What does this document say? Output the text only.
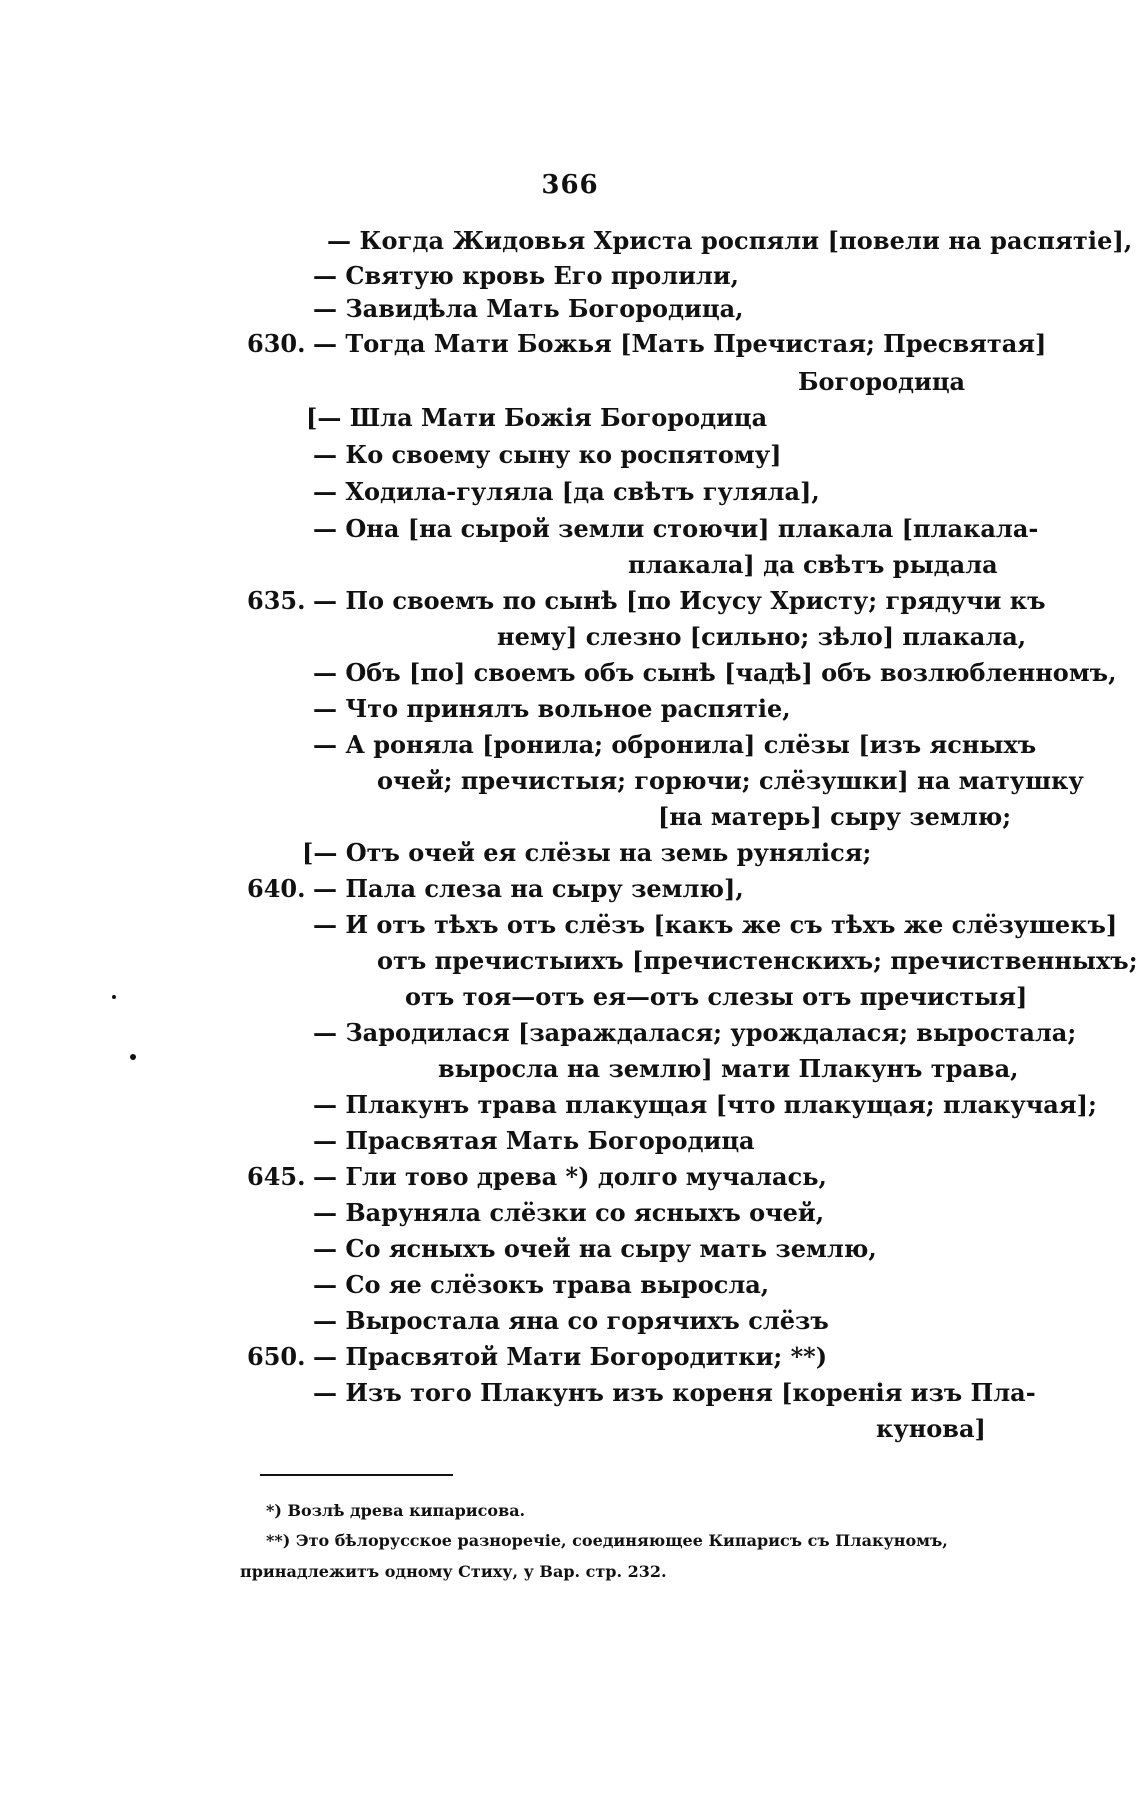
366
— Когда Жидовья Христа роспяли [повели на распятіе],
— Святую кровь Его пролили,
— Завидѣла Мать Богородица,
630. — Тогда Мати Божья [Мать Пречистая; Пресвятая]
Богородица
[— Шла Мати Божія Богородица
— Ко своему сыну ко роспятому]
— Ходила-гуляла [да свѣтъ гуляла],
— Она [на сырой земли стоючи] плакала [плакала-
плакала] да свѣтъ рыдала
635. — По своемъ по сынѣ [по Исусу Христу; грядучи къ
нему] слезно [сильно; зѣло] плакала,
— Объ [по] своемъ объ сынѣ [чадѣ] объ возлюбленномъ,
— Что принялъ вольное распятіе,
— А роняла [ронила; обронила] слёзы [изъ ясныхъ
очей; пречистыя; горючи; слёзушки] на матушку
[на матерь] сыру землю;
[— Отъ очей ея слёзы на земь руняліся;
640. — Пала слеза на сыру землю],
— И отъ тѣхъ отъ слёзъ [какъ же съ тѣхъ же слёзушекъ]
отъ пречистыихъ [пречистенскихъ; пречиственныхъ;
отъ тоя—отъ ея—отъ слезы отъ пречистыя]
— Зародилася [зараждалася; урождалася; выростала;
выросла на землю] мати Плакунъ трава,
— Плакунъ трава плакущая [что плакущая; плакучая];
— Прасвятая Мать Богородица
645. — Гли тово древа *) долго мучалась,
— Варуняла слёзки со ясныхъ очей,
— Со ясныхъ очей на сыру мать землю,
— Со яе слёзокъ трава выросла,
— Выростала яна со горячихъ слёзъ
650. — Прасвятой Мати Богородитки; **)
— Изъ того Плакунъ изъ кореня [коренія изъ Пла-
кунова]
*) Возлѣ древа кипарисова.
**) Это бѣлорусское разноречіе, соединяющее Кипарисъ съ Плакуномъ,
принадлежитъ одному Стиху, у Вар. стр. 232.
